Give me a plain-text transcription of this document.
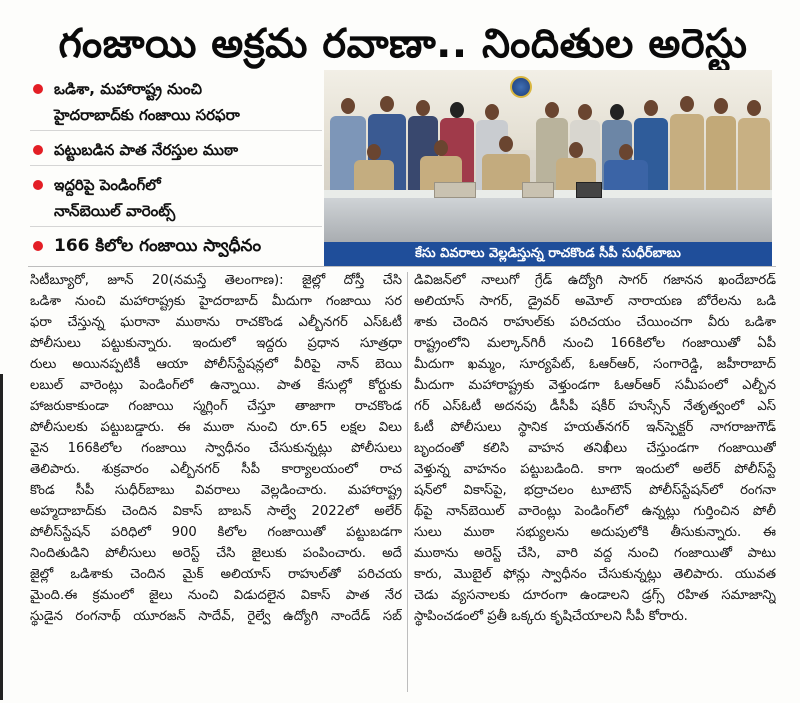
గంజాయి అక్రమ రవాణా.. నిందితుల అరెస్టు
ఒడిశా, మహారాష్ట్ర నుంచి
హైదరాబాద్‌కు గంజాయి సరఫరా
పట్టుబడిన పాత నేరస్తుల ముఠా
ఇద్దరిపై పెండింగ్‌లో
నాన్‌బెయిల్ వారెంట్స్
166 కిలోల గంజాయి స్వాధీనం	కేసు వివరాలు వెల్లడిస్తున్న రాచకొండ సీపీ సుధీర్‌బాబు

సిటీబ్యూరో, జూన్ 20(నమస్తే తెలంగాణ): జైల్లో దోస్తీ చేసి

ఒడిశా నుంచి మహారాష్ట్రకు హైదరాబాద్ మీదుగా గంజాయి సర

ఫరా చేస్తున్న ఘరానా ముఠాను రాచకొండ ఎల్బీనగర్ ఎస్ఓటీ

పోలీసులు పట్టుకున్నారు. ఇందులో ఇద్దరు ప్రధాన సూత్రధా

రులు అయినప్పటికీ ఆయా పోలీస్‌స్టేషన్లలో వీరిపై నాన్ బెయి

లబుల్ వారెంట్లు పెండింగ్‌లో ఉన్నాయి. పాత కేసుల్లో కోర్టుకు

హాజరుకాకుండా గంజాయి స్మగ్లింగ్ చేస్తూ తాజాగా రాచకొండ

పోలీసులకు పట్టుబడ్డారు. ఈ ముఠా నుంచి రూ.65 లక్షల విలు

వైన 166కిలోల గంజాయి స్వాధీనం చేసుకున్నట్లు పోలీసులు

తెలిపారు. శుక్రవారం ఎల్బీనగర్ సీపీ కార్యాలయంలో రాచ

కొండ సీపీ సుధీర్‌బాబు వివరాలు వెల్లడించారు. మహారాష్ట్ర

అహ్మదాబాద్‌కు చెందిన వికాస్ బాబన్ సాల్వే 2022లో అలేర్

పోలీస్‌స్టేషన్ పరిధిలో 900 కిలోల గంజాయితో పట్టుబడగా

నిందితుడిని పోలీసులు అరెస్ట్ చేసి జైలుకు పంపించారు. అదే

జైల్లో ఒడిశాకు చెందిన మైక్ అలియాస్ రాహుల్‌తో పరిచయ

మైంది.ఈ క్రమంలో జైలు నుంచి విడుదలైన వికాస్ పాత నేర

స్థుడైన రంగనాథ్ యూరజన్ సాదేవ్, రైల్వే ఉద్యోగి నాందేడ్ సబ్

డివిజన్‌లో నాలుగో గ్రేడ్ ఉద్యోగి సాగర్ గజానన ఖందేబారడ్

అలియాస్ సాగర్, డ్రైవర్ అమోల్ నారాయణ బోరేలను ఒడి

శాకు చెందిన రాహుల్‌కు పరిచయం చేయించగా వీరు ఒడిశా

రాష్ట్రంలోని మల్కాన్‌గిరీ నుంచి 166కిలోల గంజాయితో ఏపీ

మీదుగా ఖమ్మం, సూర్యపేట్, ఓఆర్ఆర్, సంగారెడ్డి, జహీరాబాద్

మీదుగా మహారాష్ట్రకు వెళ్తుండగా ఓఆర్ఆర్ సమీపంలో ఎల్బీన

గర్ ఎస్ఓటీ అదనపు డీసీపీ షకీర్ హుస్సేన్ నేతృత్వంలో ఎస్

ఓటీ పోలీసులు స్థానిక హయత్‌నగర్ ఇన్‌స్పెక్టర్ నాగరాజుగౌడ్

బృందంతో కలిసి వాహన తనిఖీలు చేస్తుండగా గంజాయితో

వెళ్తున్న వాహనం పట్టుబడింది. కాగా ఇందులో అలేర్ పోలీస్‌స్టే

షన్‌లో వికాస్‌పై, భద్రాచలం టూటౌన్ పోలీస్‌స్టేషన్‌లో రంగనా

థ్‌పై నాన్‌బెయిల్ వారెంట్లు పెండింగ్‌లో ఉన్నట్లు గుర్తించిన పోలీ

సులు ముఠా సభ్యులను అదుపులోకి తీసుకున్నారు. ఈ

ముఠాను అరెస్ట్ చేసి, వారి వద్ద నుంచి గంజాయితో పాటు

కారు, మొబైల్ ఫోన్లు స్వాధీనం చేసుకున్నట్లు తెలిపారు. యువత

చెడు వ్యసనాలకు దూరంగా ఉండాలని డ్రగ్స్ రహిత సమాజాన్ని

స్థాపించడంలో ప్రతీ ఒక్కరు కృషిచేయాలని సీపీ కోరారు.
